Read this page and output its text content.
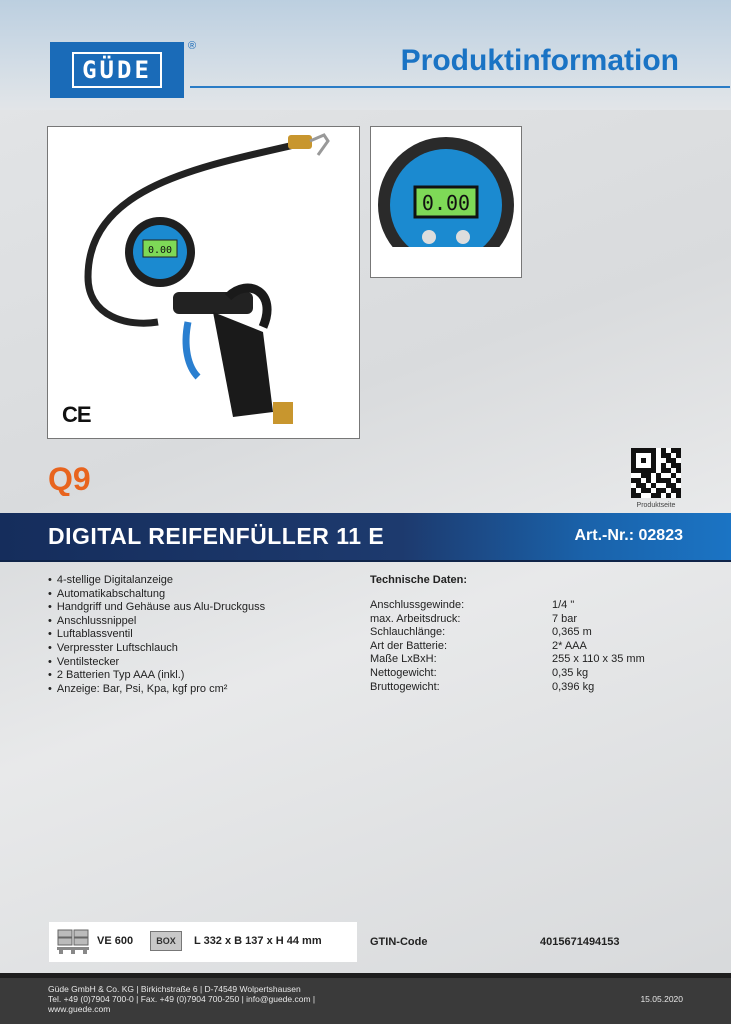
GÜDE
®	Produktinformation
0.00
CE
0.00
Q9
Produktseite
DIGITAL REIFENFÜLLER 11 E	Art.-Nr.: 02823
• 4-stellige Digitalanzeige
• Automatikabschaltung
• Handgriff und Gehäuse aus Alu-Druckguss
• Anschlussnippel
• Luftablassventil
• Verpresster Luftschlauch
• Ventilstecker
• 2 Batterien Typ AAA (inkl.)
• Anzeige: Bar, Psi, Kpa, kgf pro cm²
Technische Daten:
Anschlussgewinde:	1/4 "
max. Arbeitsdruck:	7 bar
Schlauchlänge:	0,365 m
Art der Batterie:	2* AAA
Maße LxBxH:	255 x 110 x 35 mm
Nettogewicht:	0,35 kg
Bruttogewicht:	0,396 kg
VE 600	BOX	L 332 x B 137 x H 44 mm	GTIN-Code	4015671494153
Güde GmbH & Co. KG | Birkichstraße 6 | D-74549 Wolpertshausen
Tel. +49 (0)7904 700-0 | Fax. +49 (0)7904 700-250 | info@guede.com |
www.guede.com
15.05.2020
